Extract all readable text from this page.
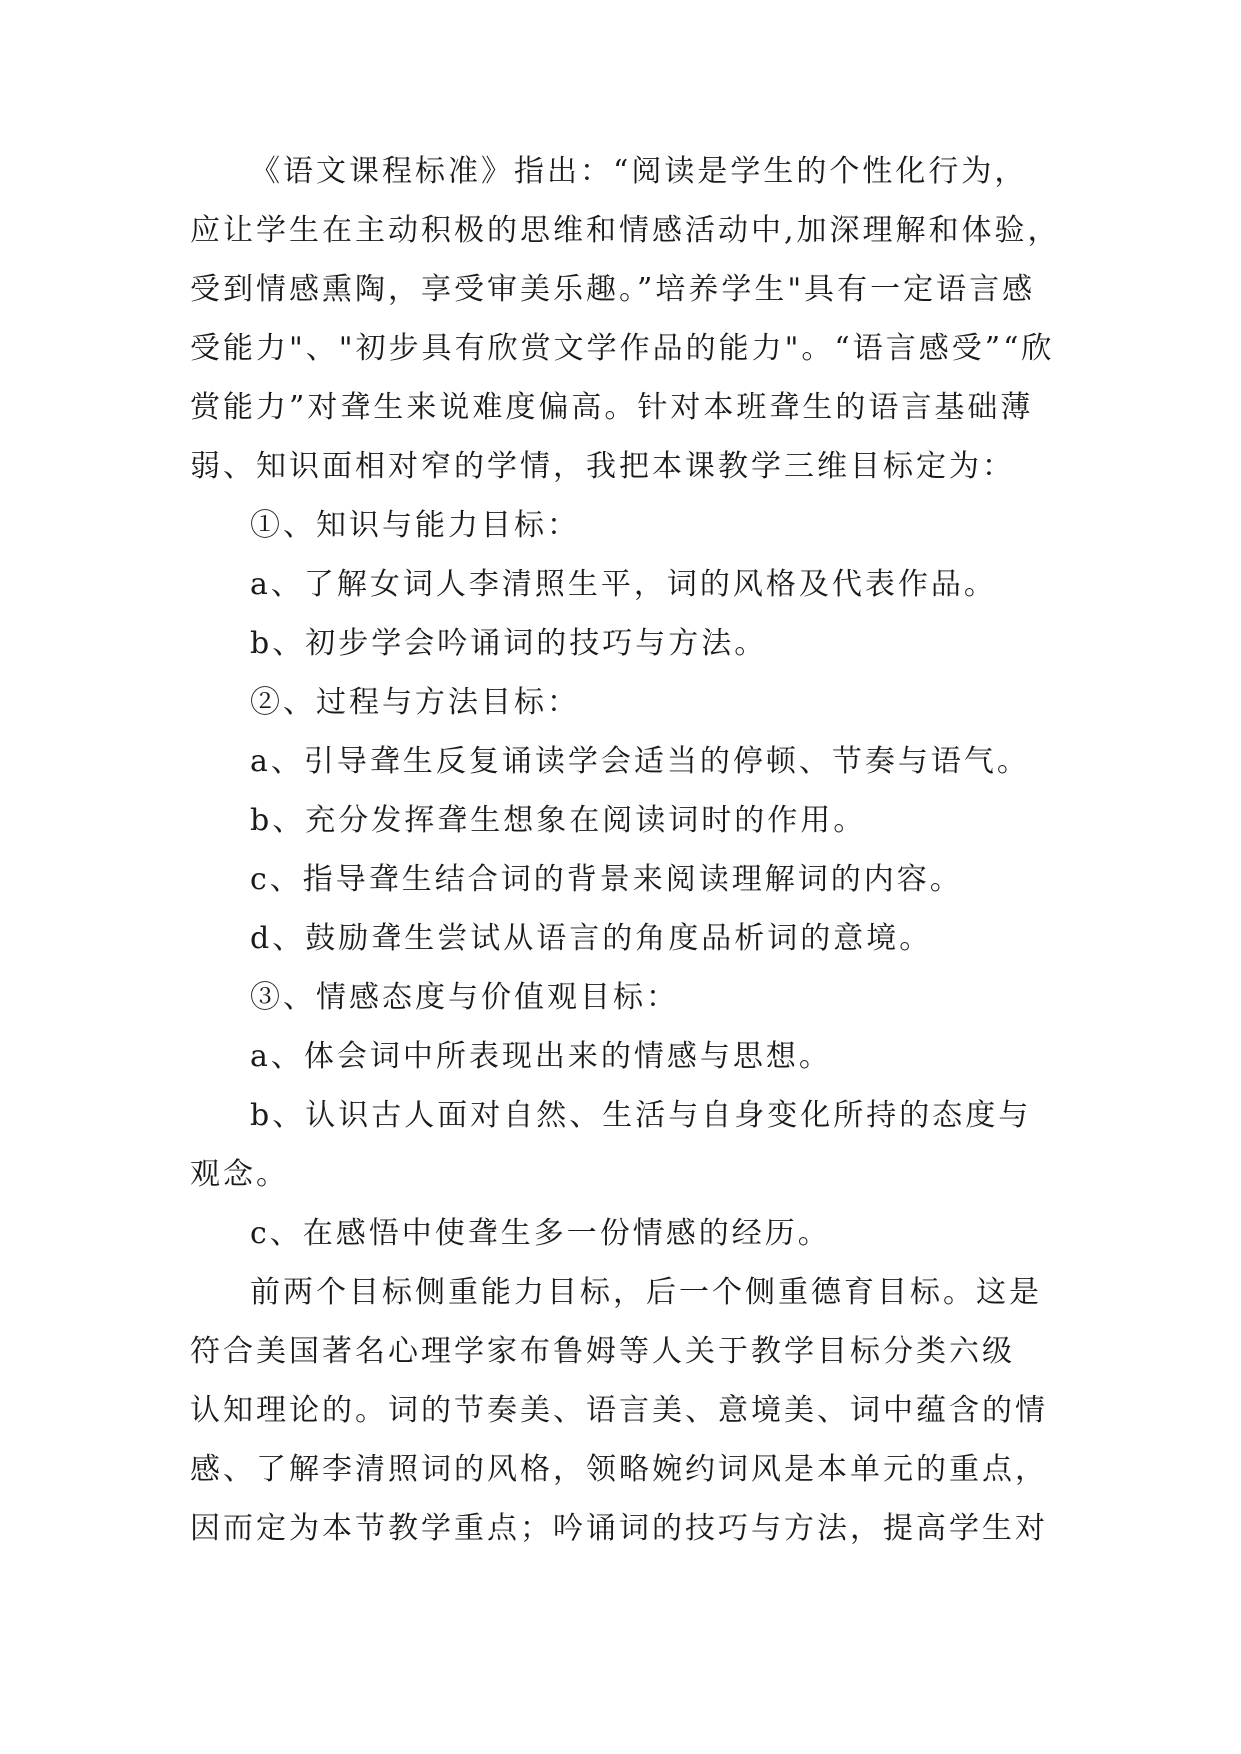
《语文课程标准》指出：“阅读是学生的个性化行为，

应让学生在主动积极的思维和情感活动中,加深理解和体验，

受到情感熏陶，享受审美乐趣。”培养学生"具有一定语言感

受能力"、"初步具有欣赏文学作品的能力"。“语言感受”“欣

赏能力”对聋生来说难度偏高。针对本班聋生的语言基础薄

弱、知识面相对窄的学情，我把本课教学三维目标定为：

①、知识与能力目标：

a、了解女词人李清照生平，词的风格及代表作品。

b、初步学会吟诵词的技巧与方法。

②、过程与方法目标：

a、引导聋生反复诵读学会适当的停顿、节奏与语气。

b、充分发挥聋生想象在阅读词时的作用。

c、指导聋生结合词的背景来阅读理解词的内容。

d、鼓励聋生尝试从语言的角度品析词的意境。

③、情感态度与价值观目标：

a、体会词中所表现出来的情感与思想。

b、认识古人面对自然、生活与自身变化所持的态度与

观念。

c、在感悟中使聋生多一份情感的经历。

前两个目标侧重能力目标，后一个侧重德育目标。这是

符合美国著名心理学家布鲁姆等人关于教学目标分类六级

认知理论的。词的节奏美、语言美、意境美、词中蕴含的情

感、了解李清照词的风格，领略婉约词风是本单元的重点，

因而定为本节教学重点；吟诵词的技巧与方法，提高学生对
